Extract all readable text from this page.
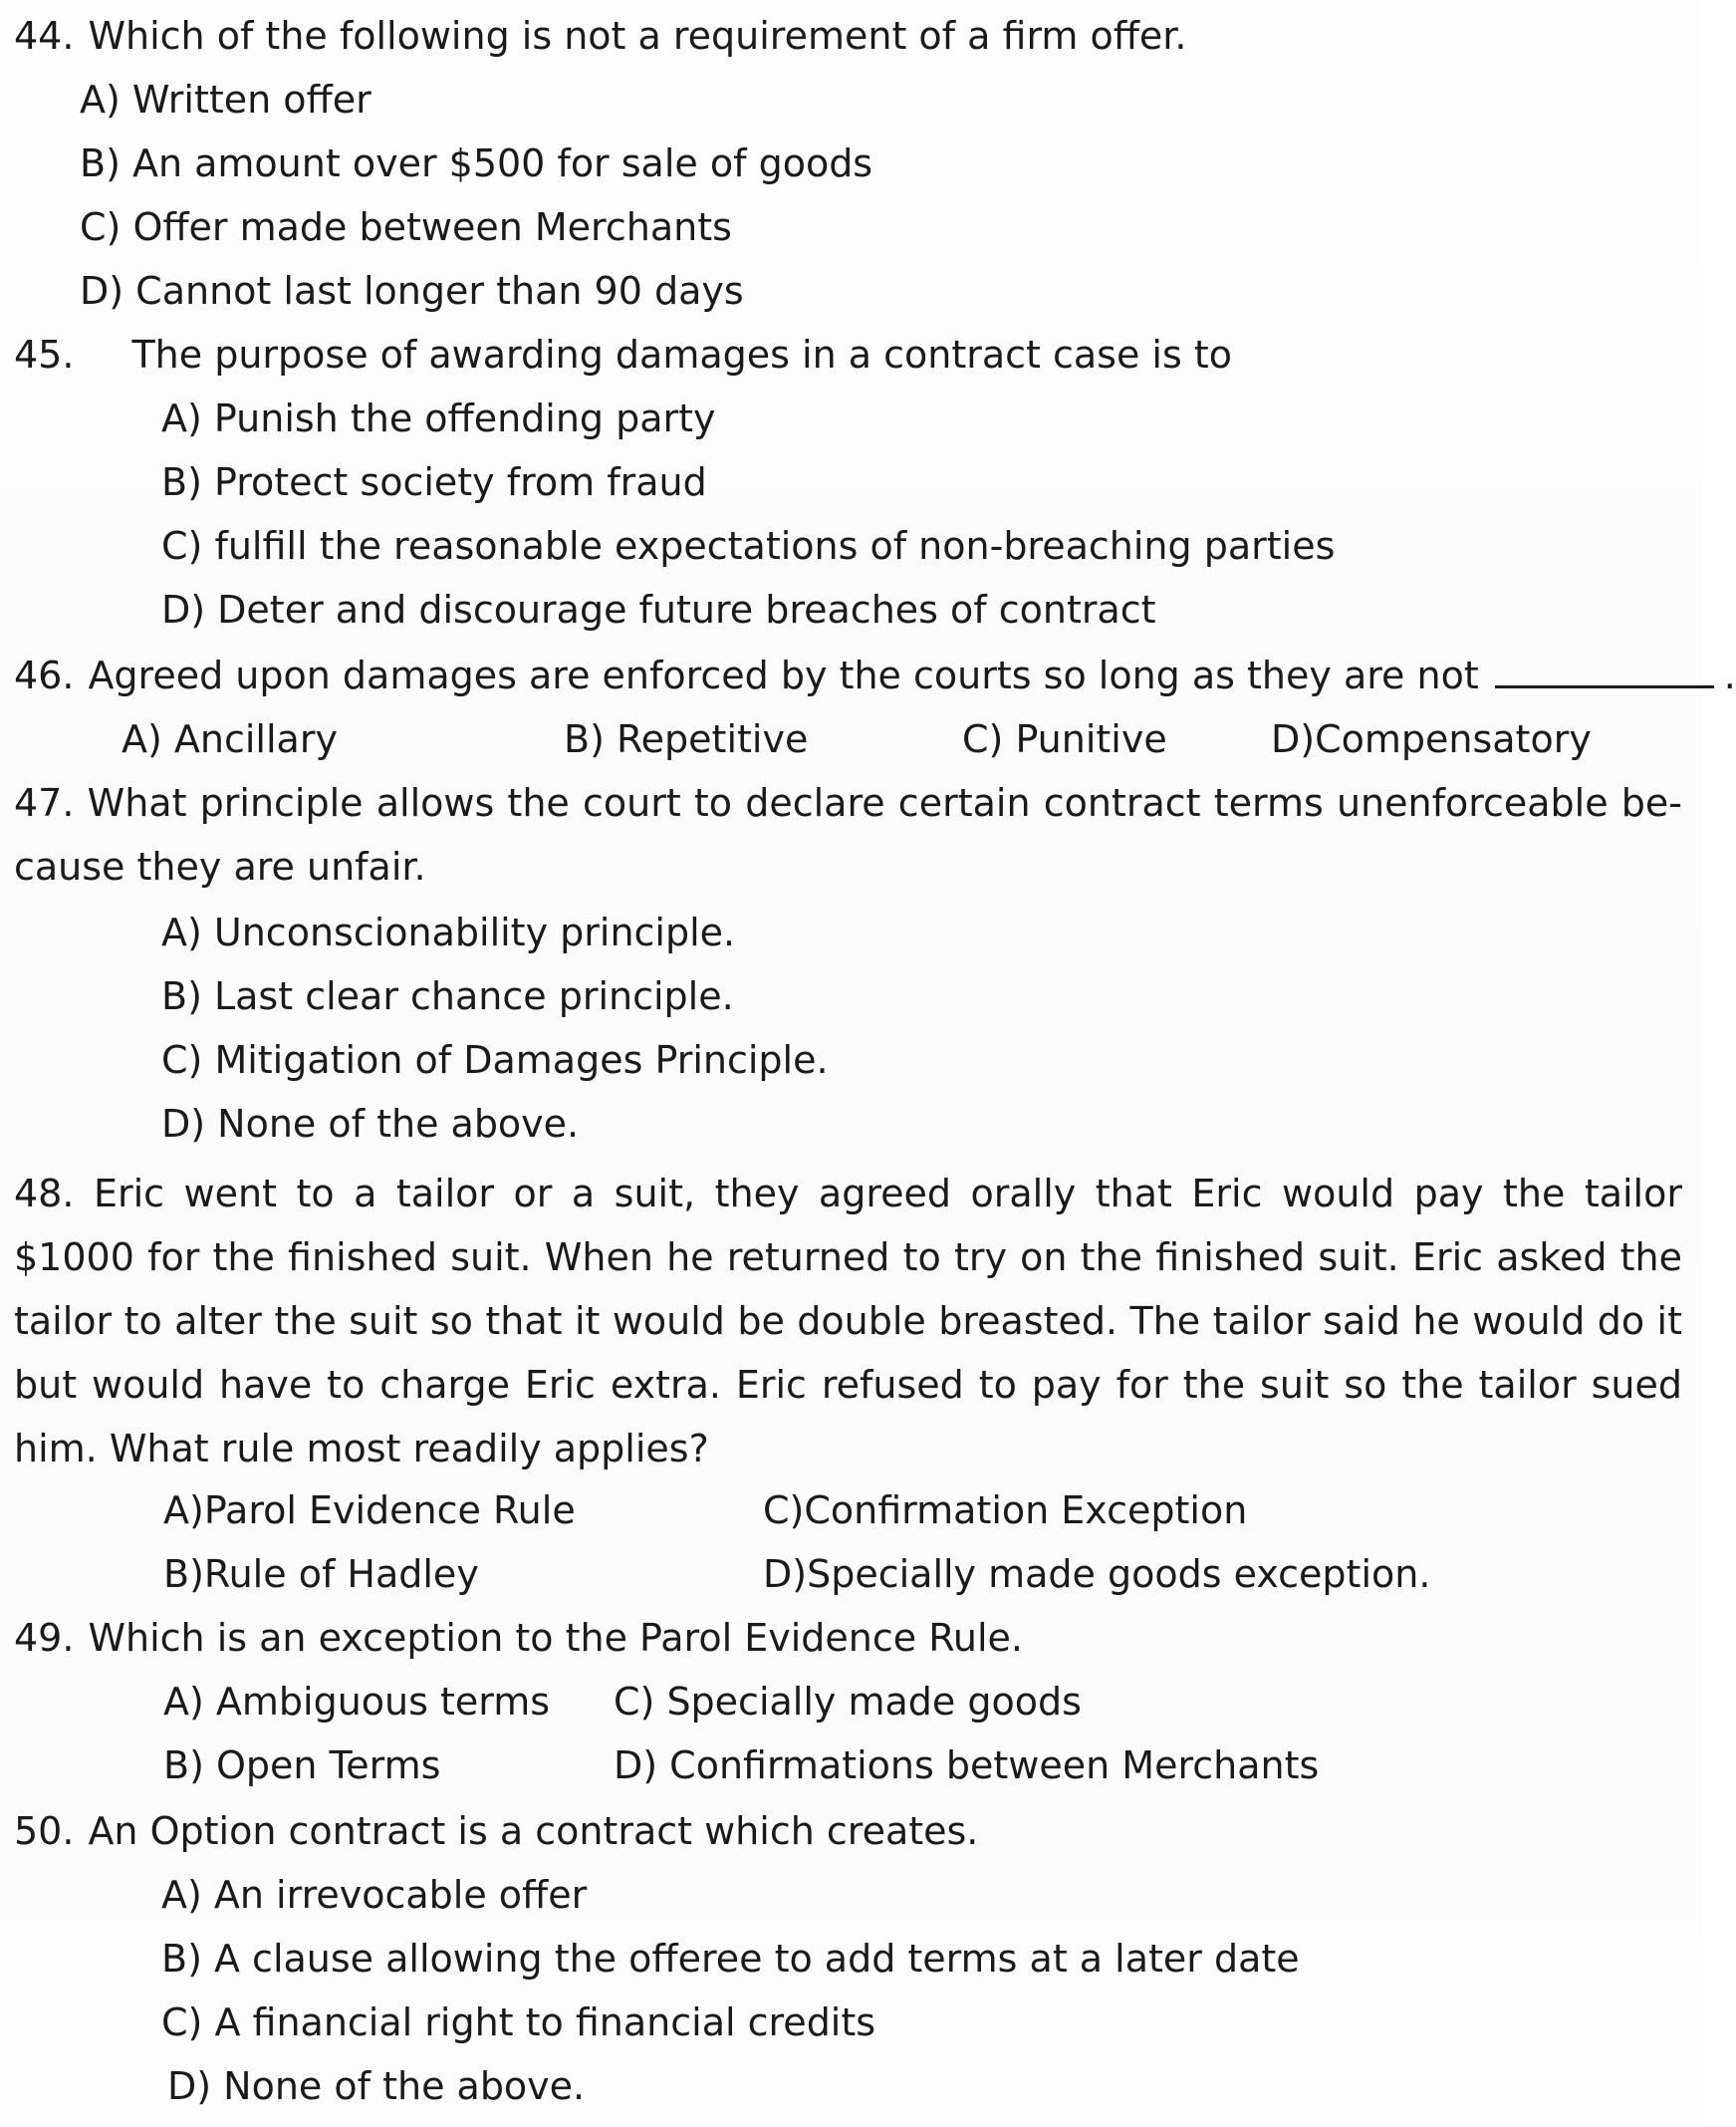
44. Which of the following is not a requirement of a firm offer.
A) Written offer
B) An amount over $500 for sale of goods
C) Offer made between Merchants
D) Cannot last longer than 90 days
45. The purpose of awarding damages in a contract case is to
A) Punish the offending party
B) Protect society from fraud
C) fulfill the reasonable expectations of non-breaching parties
D) Deter and discourage future breaches of contract
46. Agreed upon damages are enforced by the courts so long as they are not	.
A) Ancillary	B) Repetitive	C) Punitive	D)Compensatory
47. What principle allows the court to declare certain contract terms unenforceable be- cause they are unfair.
A) Unconscionability principle.
B) Last clear chance principle.
C) Mitigation of Damages Principle.
D) None of the above.
48. Eric went to a tailor or a suit, they agreed orally that Eric would pay the tailor $1000 for the finished suit. When he returned to try on the finished suit. Eric asked the tailor to alter the suit so that it would be double breasted. The tailor said he would do it but would have to charge Eric extra. Eric refused to pay for the suit so the tailor sued him. What rule most readily applies?
A)Parol Evidence Rule
B)Rule of Hadley
C)Confirmation Exception
D)Specially made goods exception.
49. Which is an exception to the Parol Evidence Rule.
A) Ambiguous terms
B) Open Terms
C) Specially made goods
D) Confirmations between Merchants
50. An Option contract is a contract which creates.
A) An irrevocable offer
B) A clause allowing the offeree to add terms at a later date
C) A financial right to financial credits
D) None of the above.
